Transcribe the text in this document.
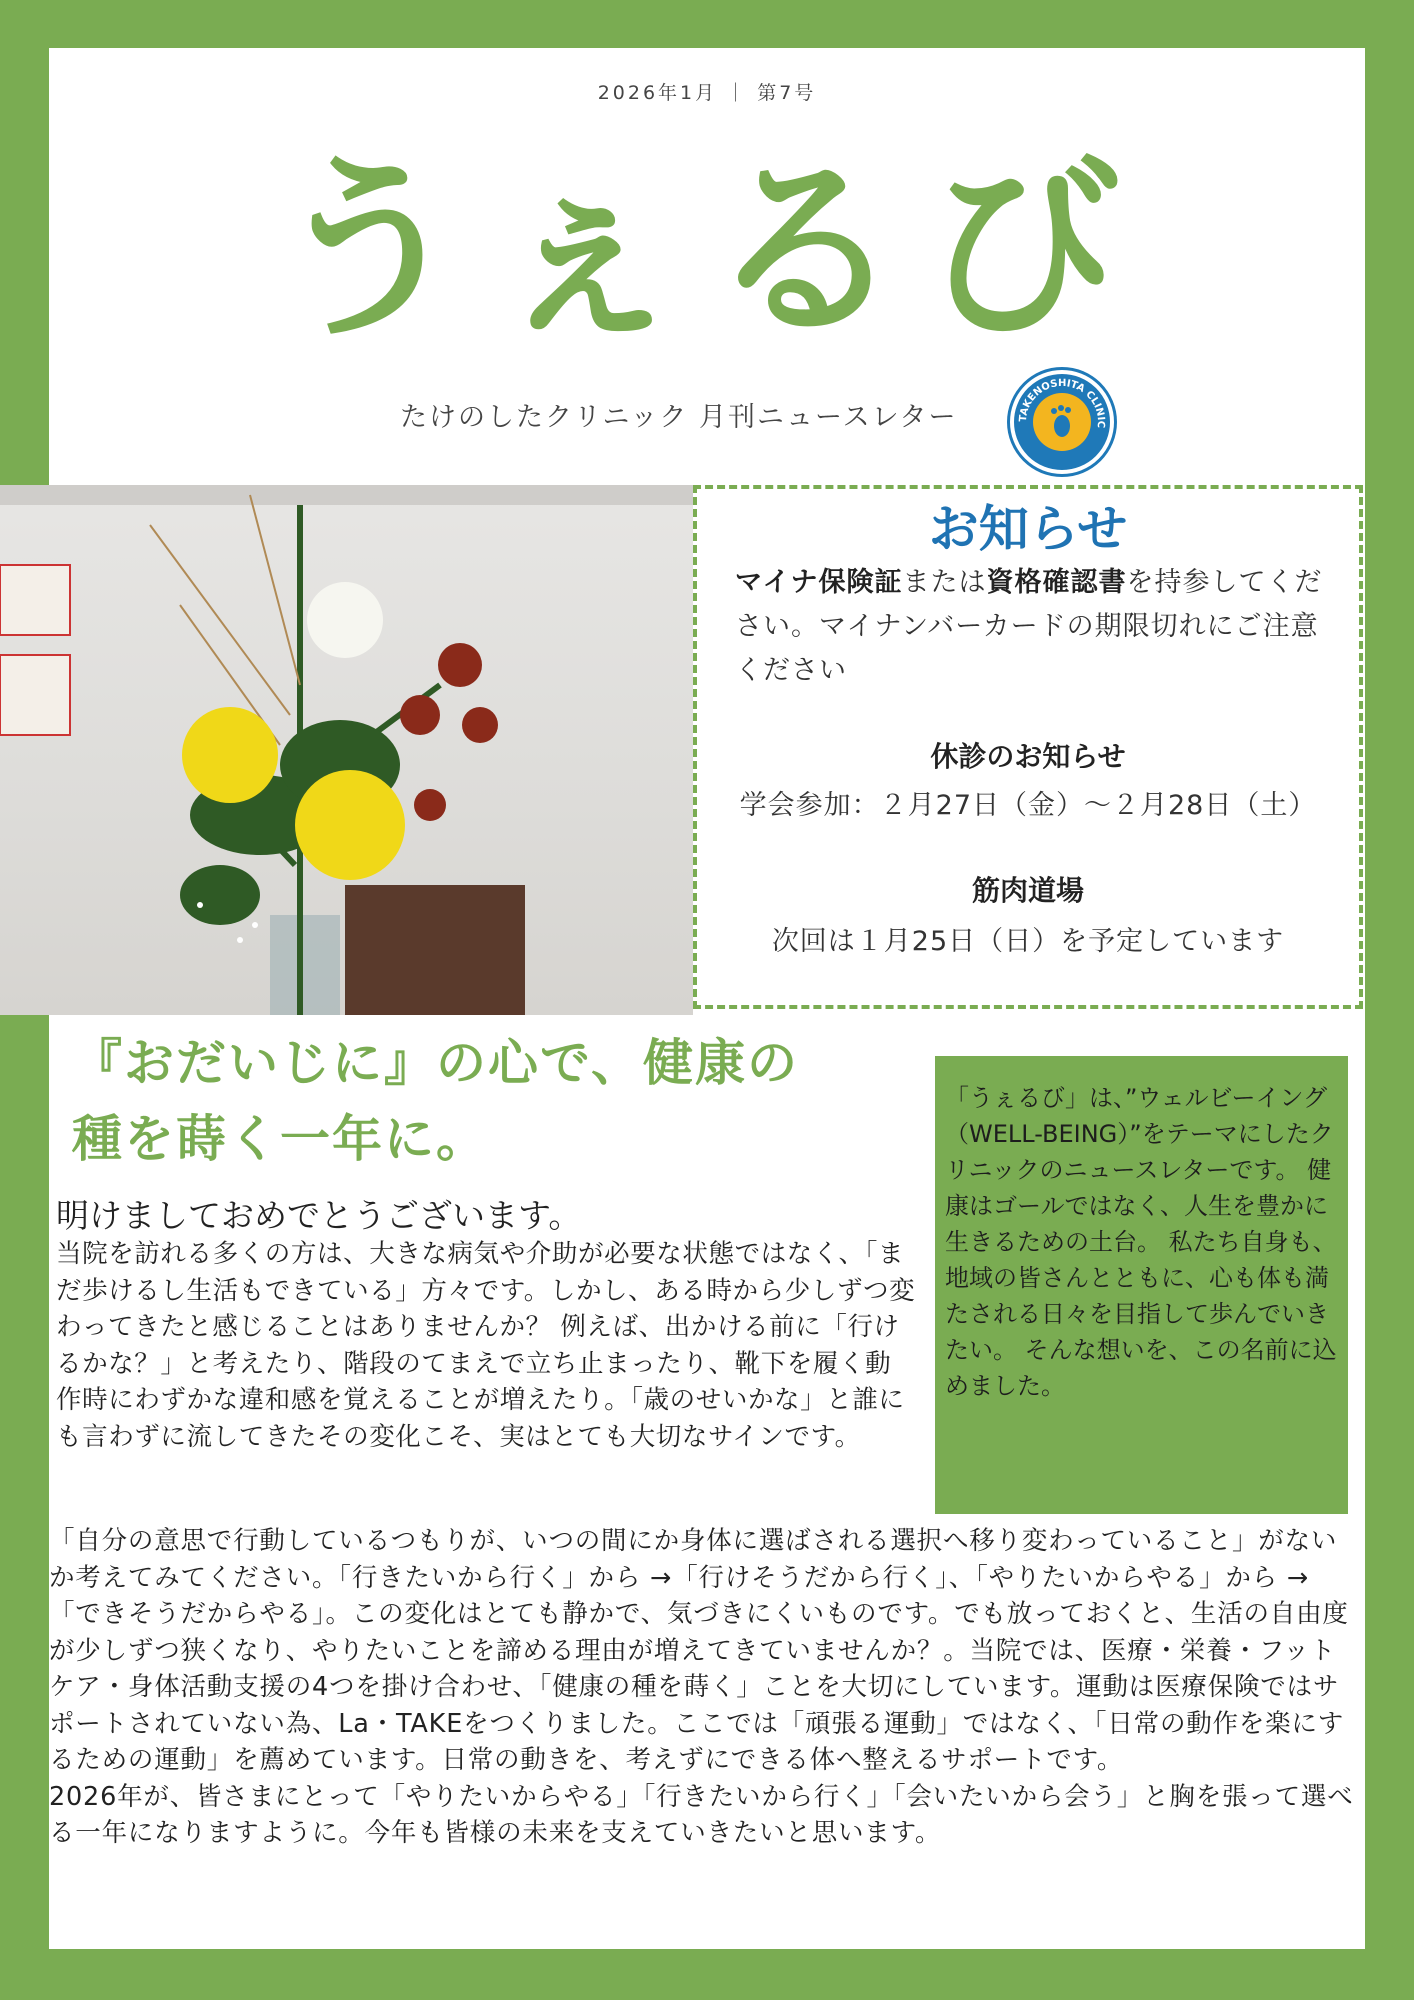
2026年1月 ｜ 第7号
うぇるび
たけのしたクリニック 月刊ニュースレター	TAKENOSHITA CLINIC
お知らせ
マイナ保険証または資格確認書を持参してください。マイナンバーカードの期限切れにご注意ください
休診のお知らせ
学会参加：２月27日（金）～２月28日（土）
筋肉道場
次回は１月25日（日）を予定しています
『おだいじに』の心で、健康の
種を蒔く一年に。
明けましておめでとうございます。
当院を訪れる多くの方は、大きな病気や介助が必要な状態ではなく、「まだ歩けるし生活もできている」方々です。しかし、ある時から少しずつ変わってきたと感じることはありませんか？ 例えば、出かける前に「行けるかな？」と考えたり、階段のてまえで立ち止まったり、靴下を履く動作時にわずかな違和感を覚えることが増えたり。「歳のせいかな」と誰にも言わずに流してきたその変化こそ、実はとても大切なサインです。
「自分の意思で行動しているつもりが、いつの間にか身体に選ばされる選択へ移り変わっていること」がないか考えてみてください。「行きたいから行く」から →「行けそうだから行く」、「やりたいからやる」から →「できそうだからやる」。この変化はとても静かで、気づきにくいものです。でも放っておくと、生活の自由度が少しずつ狭くなり、やりたいことを諦める理由が増えてきていませんか？。当院では、医療・栄養・フットケア・身体活動支援の4つを掛け合わせ、「健康の種を蒔く」ことを大切にしています。運動は医療保険ではサポートされていない為、La・TAKEをつくりました。ここでは「頑張る運動」ではなく、「日常の動作を楽にするための運動」を薦めています。日常の動きを、考えずにできる体へ整えるサポートです。
2026年が、皆さまにとって「やりたいからやる」「行きたいから行く」「会いたいから会う」と胸を張って選べる一年になりますように。今年も皆様の未来を支えていきたいと思います。
「うぇるび」は、”ウェルビーイング（WELL-BEING）”をテーマにしたクリニックのニュースレターです。 健康はゴールではなく、人生を豊かに生きるための土台。 私たち自身も、地域の皆さんとともに、心も体も満たされる日々を目指して歩んでいきたい。 そんな想いを、この名前に込めました。
